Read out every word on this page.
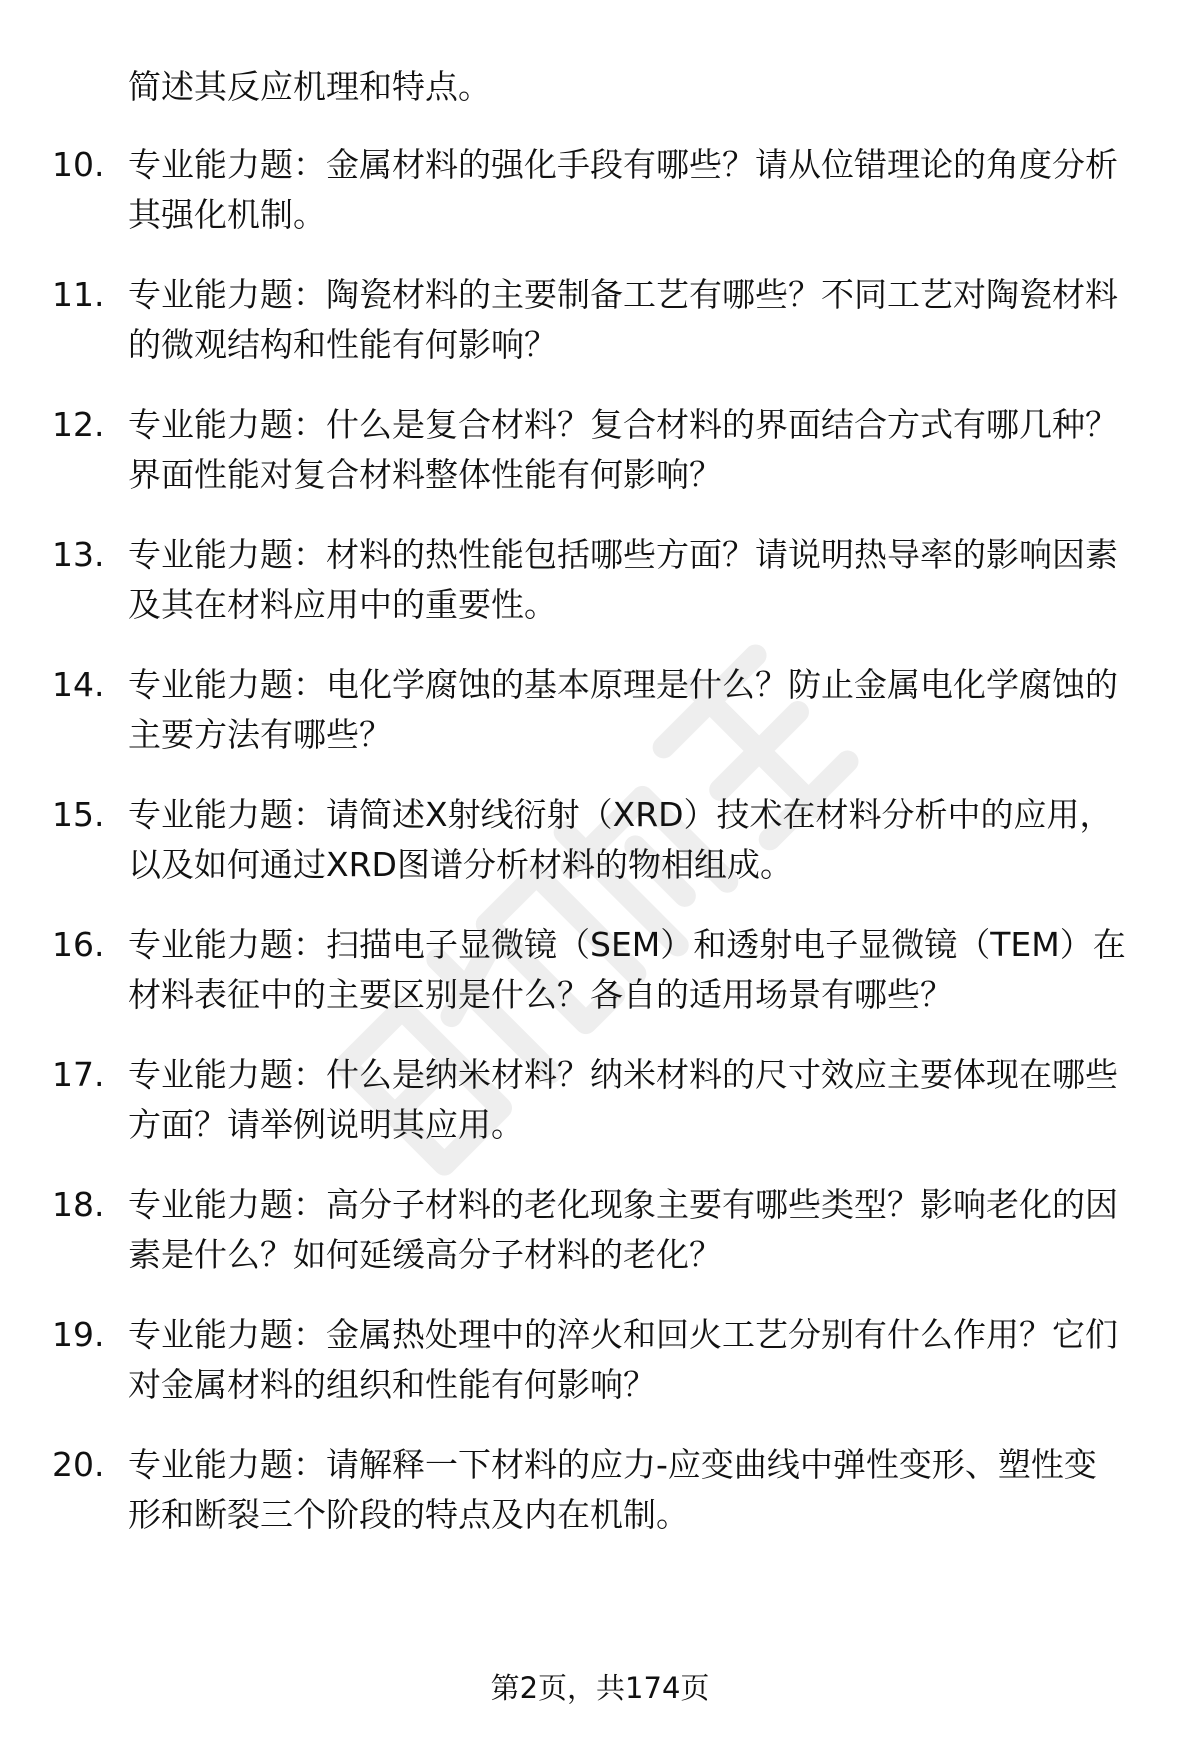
简述其反应机理和特点。
10. 专业能力题：金属材料的强化手段有哪些？请从位错理论的角度分析其强化机制。
11. 专业能力题：陶瓷材料的主要制备工艺有哪些？不同工艺对陶瓷材料的微观结构和性能有何影响？
12. 专业能力题：什么是复合材料？复合材料的界面结合方式有哪几种？界面性能对复合材料整体性能有何影响？
13. 专业能力题：材料的热性能包括哪些方面？请说明热导率的影响因素及其在材料应用中的重要性。
14. 专业能力题：电化学腐蚀的基本原理是什么？防止金属电化学腐蚀的主要方法有哪些？
15. 专业能力题：请简述X射线衍射（XRD）技术在材料分析中的应用，以及如何通过XRD图谱分析材料的物相组成。
16. 专业能力题：扫描电子显微镜（SEM）和透射电子显微镜（TEM）在材料表征中的主要区别是什么？各自的适用场景有哪些？
17. 专业能力题：什么是纳米材料？纳米材料的尺寸效应主要体现在哪些方面？请举例说明其应用。
18. 专业能力题：高分子材料的老化现象主要有哪些类型？影响老化的因素是什么？如何延缓高分子材料的老化？
19. 专业能力题：金属热处理中的淬火和回火工艺分别有什么作用？它们对金属材料的组织和性能有何影响？
20. 专业能力题：请解释一下材料的应力-应变曲线中弹性变形、塑性变形和断裂三个阶段的特点及内在机制。
第2页，共174页
